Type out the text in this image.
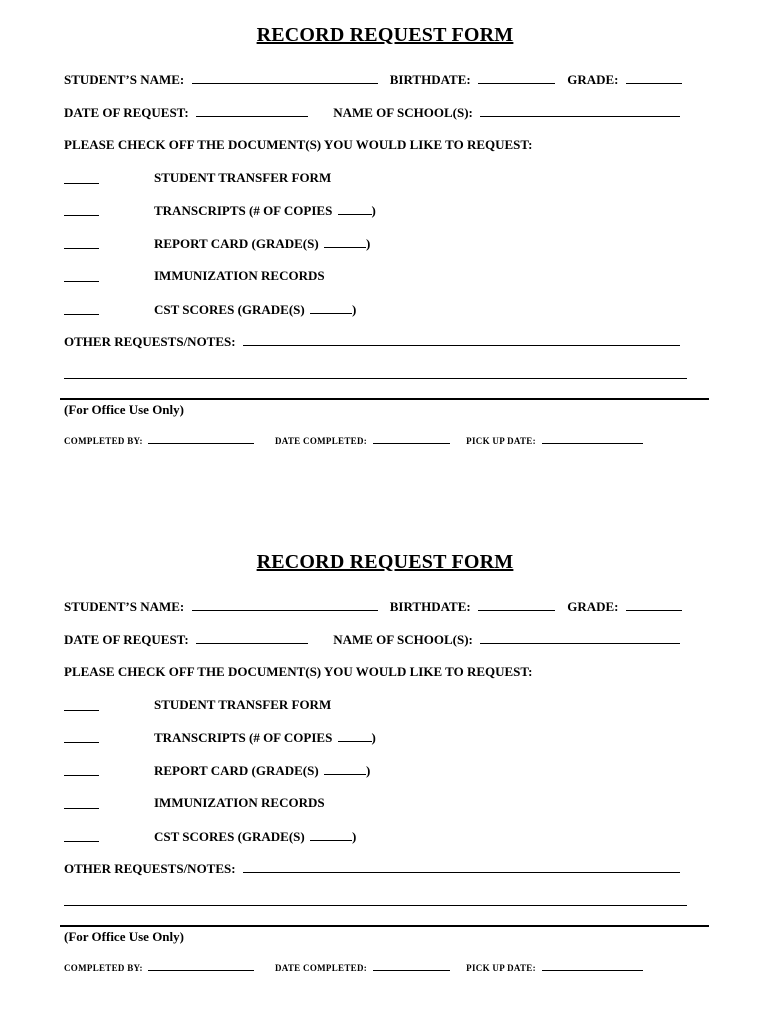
RECORD REQUEST FORM
STUDENT’S NAME:	BIRTHDATE:	GRADE:
DATE OF REQUEST:	NAME OF SCHOOL(S):
PLEASE CHECK OFF THE DOCUMENT(S) YOU WOULD LIKE TO REQUEST:
STUDENT TRANSFER FORM
TRANSCRIPTS (# OF COPIES	)
REPORT CARD (GRADE(S)	)
IMMUNIZATION RECORDS
CST SCORES (GRADE(S)	)
OTHER REQUESTS/NOTES:
(For Office Use Only)
COMPLETED BY:	DATE COMPLETED:	PICK UP DATE:
RECORD REQUEST FORM
STUDENT’S NAME:	BIRTHDATE:	GRADE:
DATE OF REQUEST:	NAME OF SCHOOL(S):
PLEASE CHECK OFF THE DOCUMENT(S) YOU WOULD LIKE TO REQUEST:
STUDENT TRANSFER FORM
TRANSCRIPTS (# OF COPIES	)
REPORT CARD (GRADE(S)	)
IMMUNIZATION RECORDS
CST SCORES (GRADE(S)	)
OTHER REQUESTS/NOTES:
(For Office Use Only)
COMPLETED BY:	DATE COMPLETED:	PICK UP DATE:
